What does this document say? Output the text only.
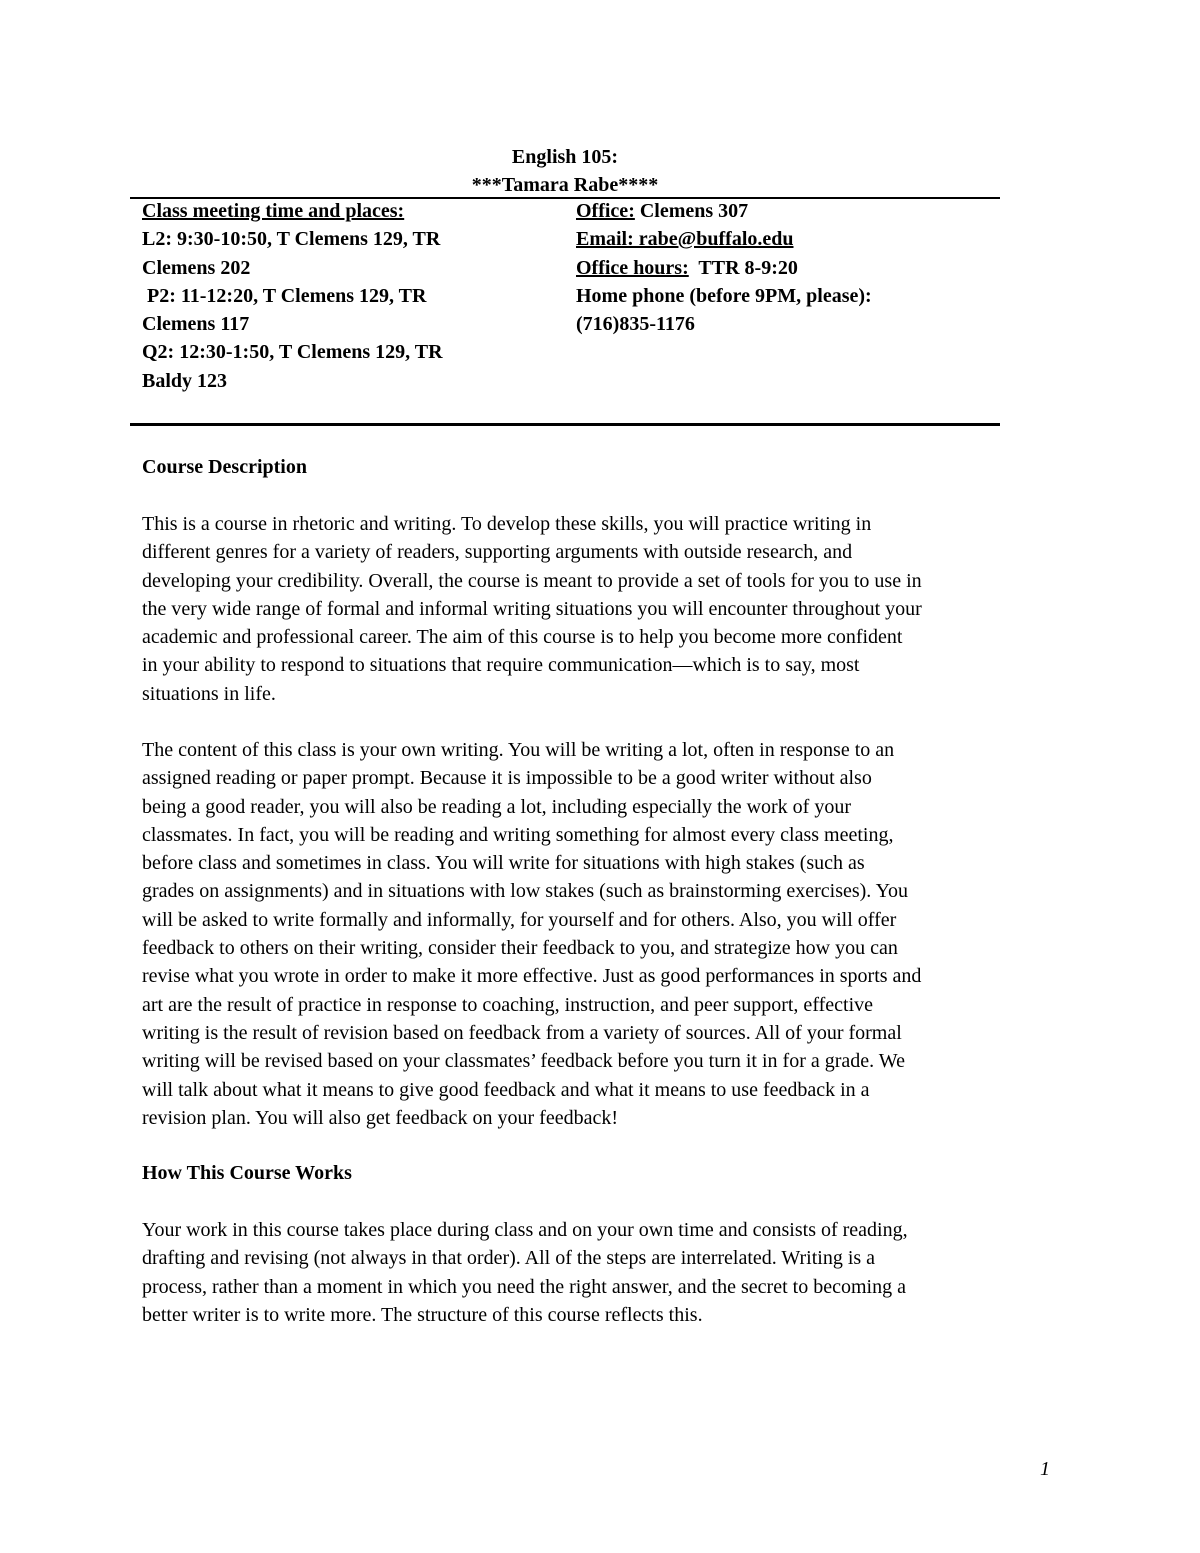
English 105:
***Tamara Rabe****
Class meeting time and places:
L2: 9:30-10:50, T Clemens 129, TR
Clemens 202
P2: 11-12:20, T Clemens 129, TR
Clemens 117
Q2: 12:30-1:50, T Clemens 129, TR
Baldy 123
Office: Clemens 307
Email: rabe@buffalo.edu
Office hours:  TTR 8-9:20
Home phone (before 9PM, please):
(716)835-1176
Course Description
This is a course in rhetoric and writing. To develop these skills, you will practice writing in
different genres for a variety of readers, supporting arguments with outside research, and
developing your credibility. Overall, the course is meant to provide a set of tools for you to use in
the very wide range of formal and informal writing situations you will encounter throughout your
academic and professional career. The aim of this course is to help you become more confident
in your ability to respond to situations that require communication—which is to say, most
situations in life.
The content of this class is your own writing. You will be writing a lot, often in response to an
assigned reading or paper prompt. Because it is impossible to be a good writer without also
being a good reader, you will also be reading a lot, including especially the work of your
classmates. In fact, you will be reading and writing something for almost every class meeting,
before class and sometimes in class. You will write for situations with high stakes (such as
grades on assignments) and in situations with low stakes (such as brainstorming exercises). You
will be asked to write formally and informally, for yourself and for others. Also, you will offer
feedback to others on their writing, consider their feedback to you, and strategize how you can
revise what you wrote in order to make it more effective. Just as good performances in sports and
art are the result of practice in response to coaching, instruction, and peer support, effective
writing is the result of revision based on feedback from a variety of sources. All of your formal
writing will be revised based on your classmates’ feedback before you turn it in for a grade. We
will talk about what it means to give good feedback and what it means to use feedback in a
revision plan. You will also get feedback on your feedback!
How This Course Works
Your work in this course takes place during class and on your own time and consists of reading,
drafting and revising (not always in that order). All of the steps are interrelated. Writing is a
process, rather than a moment in which you need the right answer, and the secret to becoming a
better writer is to write more. The structure of this course reflects this.
1
